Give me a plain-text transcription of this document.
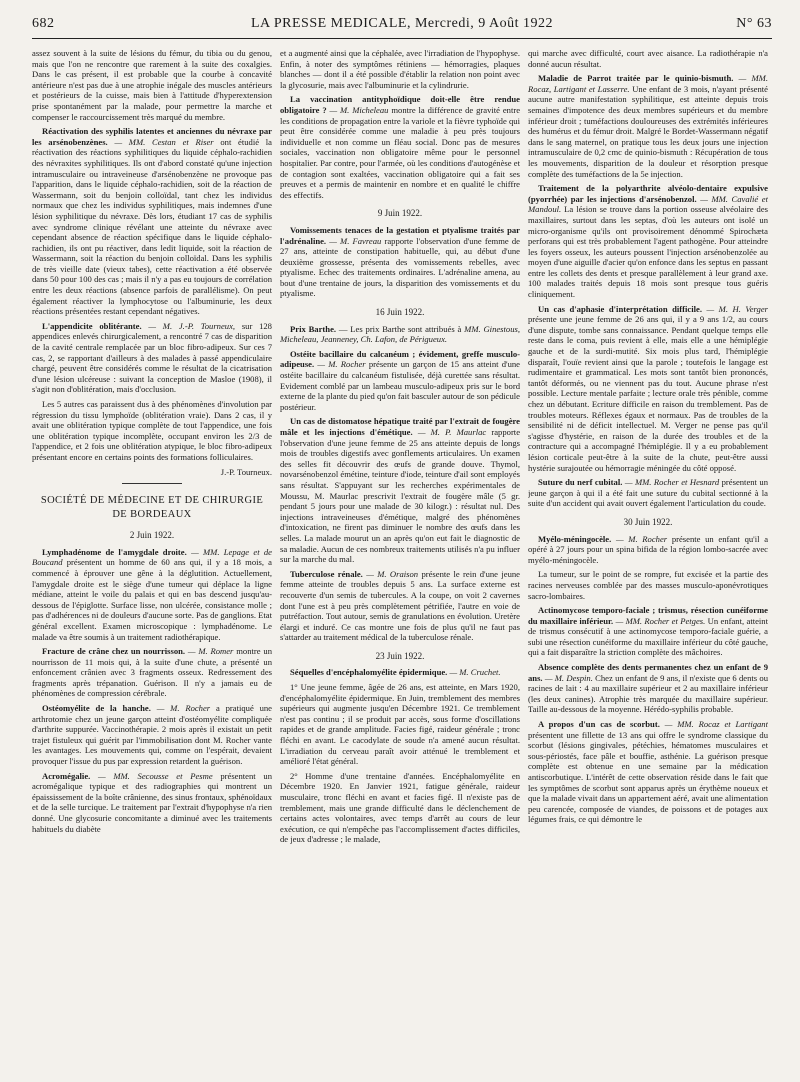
682	LA PRESSE MEDICALE, Mercredi, 9 Août 1922	N° 63

assez souvent à la suite de lésions du fémur, du tibia ou du genou, mais que l'on ne rencontre que rarement à la suite des coxalgies. Dans le cas présent, il est probable que la courbe à concavité antérieure n'est pas due à une atrophie inégale des muscles antérieurs et postérieurs de la cuisse, mais bien à l'attitude d'hyperextension prise spontanément par la malade, pour permettre la marche et compenser le raccourcissement très marqué du membre.

Réactivation des syphilis latentes et anciennes du névraxe par les arsénobenzènes. — MM. Cestan et Riser ont étudié la réactivation des réactions syphilitiques du liquide céphalo-rachidien des névraxites syphilitiques. Ils ont d'abord constaté qu'une injection intramusculaire ou intraveineuse d'arsénobenzène ne provoque pas l'apparition, dans le liquide céphalo-rachidien, soit de la réaction de Wassermann, soit du benjoin colloïdal, tant chez les individus normaux que chez les individus syphilitiques, mais indemnes d'une lésion syphilitique du névraxe. Dès lors, étudiant 17 cas de syphilis avec syndrome clinique révélant une atteinte du névraxe avec cependant absence de réaction spécifique dans le liquide céphalo-rachidien, ils ont pu réactiver, dans ledit liquide, soit la réaction de Wassermann, soit la réaction du benjoin colloïdal. Dans les syphilis de très vieille date (vieux tabes), cette réactivation a été observée dans 50 pour 100 des cas ; mais il n'y a pas eu toujours de corrélation entre les deux réactions (absence parfois de parallélisme). On peut également réactiver la lymphocytose ou l'albuminurie, les deux réactions présentées restant cependant négatives.

L'appendicite oblitérante. — M. J.-P. Tourneux, sur 128 appendices enlevés chirurgicalement, a rencontré 7 cas de disparition de la cavité centrale remplacée par un bloc fibro-adipeux. Sur ces 7 cas, 2, se rapportant d'ailleurs à des malades à passé appendiculaire chargé, peuvent être considérés comme le résultat de la cicatrisation d'une lésion ulcéreuse : suivant la conception de Masloe (1908), il s'agit non d'oblitération, mais d'occlusion.

Les 5 autres cas paraissent dus à des phénomènes d'involution par régression du tissu lymphoïde (oblitération vraie). Dans 2 cas, il y avait une oblitération typique complète de tout l'appendice, une fois une oblitération typique incomplète, occupant environ les 2/3 de l'appendice, et 2 fois une oblitération atypique, le bloc fibro-adipeux présentant encore en certains points des formations folliculaires.

J.-P. Tourneux.
SOCIÉTÉ DE MÉDECINE ET DE CHIRURGIE
DE BORDEAUX
2 Juin 1922.

Lymphadénome de l'amygdale droite. — MM. Lepage et de Boucand présentent un homme de 60 ans qui, il y a 18 mois, a commencé à éprouver une gêne à la déglutition. Actuellement, l'amygdale droite est le siège d'une tumeur qui déplace la ligne médiane, atteint le voile du palais et qui en bas descend jusqu'au-dessous de l'épiglotte. Surface lisse, non ulcérée, consistance molle ; pas d'adhérences ni de douleurs d'aucune sorte. Pas de ganglions. Etat général excellent. Examen microscopique : lymphadénome. Le malade va être soumis à un traitement radiothérapique.

Fracture de crâne chez un nourrisson. — M. Romer montre un nourrisson de 11 mois qui, à la suite d'une chute, a présenté un enfoncement crânien avec 3 fragments osseux. Redressement des fragments après trépanation. Guérison. Il n'y a jamais eu de phénomènes de compression cérébrale.

Ostéomyélite de la hanche. — M. Rocher a pratiqué une arthrotomie chez un jeune garçon atteint d'ostéomyélite compliquée d'arthrite suppurée. Vaccinothérapie. 2 mois après il existait un petit trajet fistuleux qui guérit par l'immobilisation dont M. Rocher vante les avantages. Les mouvements qui, comme on l'espérait, devaient provoquer l'issue du pus par expression retardent la guérison.

Acromégalie. — MM. Secousse et Pesme présentent un acromégalique typique et des radiographies qui montrent un épaississement de la boîte crânienne, des sinus frontaux, sphénoïdaux et de la selle turcique. Le traitement par l'extrait d'hypophyse n'a rien donné. Une glycosurie concomitante a diminué avec les traitements habituels du diabète

et a augmenté ainsi que la céphalée, avec l'irradiation de l'hypophyse. Enfin, à noter des symptômes rétiniens — hémorragies, plaques blanches — dont il a été possible d'établir la relation non point avec la glycosurie, mais avec l'albuminurie et la cylindrurie.

La vaccination antityphoïdique doit-elle être rendue obligatoire ? — M. Micheleau montre la différence de gravité entre les conditions de propagation entre la variole et la fièvre typhoïde qui peut être considérée comme une maladie à peu près toujours individuelle et non comme un fléau social. Donc pas de mesures sociales, vaccination non obligatoire même pour le personnel hospitalier. Par contre, pour l'armée, où les conditions d'autogénèse et de contagion sont exaltées, vaccination obligatoire qui a fait ses preuves et a permis de maintenir en nombre et en qualité le chiffre des effectifs.

9 Juin 1922.

Vomissements tenaces de la gestation et ptyalisme traités par l'adrénaline. — M. Favreau rapporte l'observation d'une femme de 27 ans, atteinte de constipation habituelle, qui, au début d'une deuxième grossesse, présenta des vomissements rebelles, avec ptyalisme. Echec des traitements ordinaires. L'adrénaline amena, au bout d'une trentaine de jours, la disparition des vomissements et du ptyalisme.

16 Juin 1922.

Prix Barthe. — Les prix Barthe sont attribués à MM. Ginestous, Micheleau, Jeanneney, Ch. Lafon, de Périgueux.

Ostéite bacillaire du calcanéum ; évidement, greffe musculo-adipeuse. — M. Rocher présente un garçon de 15 ans atteint d'une ostéite bacillaire du calcanéum fistulisée, déjà curettée sans résultat. Evidement comblé par un lambeau musculo-adipeux pris sur le bord externe de la plante du pied qu'on fait basculer autour de son pédicule postérieur.

Un cas de distomatose hépatique traité par l'extrait de fougère mâle et les injections d'émétique. — M. P. Maurlac rapporte l'observation d'une jeune femme de 25 ans atteinte depuis de longs mois de troubles digestifs avec gonflements articulaires. Un examen des selles fit découvrir des œufs de grande douve. Thymol, novarsénobenzol émétine, teinture d'iode, teinture d'ail sont employés sans résultat. S'appuyant sur les recherches expérimentales de Moussu, M. Maurlac prescrivit l'extrait de fougère mâle (5 gr. pendant 5 jours pour une malade de 30 kilogr.) : résultat nul. Des injections intraveineuses d'émétique, malgré des phénomènes d'intoxication, ne firent pas diminuer le nombre des œufs dans les selles. La malade mourut un an après qu'on eut fait le diagnostic de sa maladie. Aucun de ces nombreux traitements utilisés n'a pu influer sur la marche du mal.

Tuberculose rénale. — M. Oraison présente le rein d'une jeune femme atteinte de troubles depuis 5 ans. La surface externe est recouverte d'un semis de tubercules. A la coupe, on voit 2 cavernes dont l'une est à peu près complètement pétrifiée, l'autre en voie de putréfaction. Tout autour, semis de granulations en évolution. Uretère élargi et induré. Ce cas montre une fois de plus qu'il ne faut pas s'attarder au traitement médical de la tuberculose rénale.

23 Juin 1922.

Séquelles d'encéphalomyélite épidermique. — M. Cruchet.

1° Une jeune femme, âgée de 26 ans, est atteinte, en Mars 1920, d'encéphalomyélite épidermique. En Juin, tremblement des membres supérieurs qui augmente jusqu'en Décembre 1921. Ce tremblement n'est pas continu ; il se produit par accès, sous forme d'oscillations rapides et de grande amplitude. Facies figé, raideur générale ; tronc fléchi en avant. Le cacodylate de soude n'a amené aucun résultat. L'irradiation du cerveau paraît avoir atténué le tremblement et amélioré l'état général.

2° Homme d'une trentaine d'années. Encéphalomyélite en Décembre 1920. En Janvier 1921, fatigue générale, raideur musculaire, tronc fléchi en avant et facies figé. Il n'existe pas de tremblement, mais une grande difficulté dans le déclenchement de certains actes volontaires, avec temps d'arrêt au cours de leur exécution, ce qui n'empêche pas l'accomplissement d'actes difficiles, de jeux d'adresse ; le malade,

qui marche avec difficulté, court avec aisance. La radiothérapie n'a donné aucun résultat.

Maladie de Parrot traitée par le quinio-bismuth. — MM. Rocaz, Lartigant et Lasserre. Une enfant de 3 mois, n'ayant présenté aucune autre manifestation syphilitique, est atteinte depuis trois semaines d'impotence des deux membres supérieurs et du membre inférieur droit ; tuméfactions douloureuses des extrémités inférieures des humérus et du fémur droit. Malgré le Bordet-Wassermann négatif dans le sang maternel, on pratique tous les deux jours une injection intramusculaire de 0,2 cmc de quinio-bismuth : Récupération de tous les mouvements, disparition de la douleur et résorption presque complète des tuméfactions de la 5e injection.

Traitement de la polyarthrite alvéolo-dentaire expulsive (pyorrhée) par les injections d'arsénobenzol. — MM. Cavalié et Mandoul. La lésion se trouve dans la portion osseuse alvéolaire des maxillaires, surtout dans les septas, d'où les auteurs ont isolé un micro-organisme qu'ils ont provisoirement dénommé Spirochæta perforans qui est très probablement l'agent pathogène. Pour atteindre les foyers osseux, les auteurs poussent l'injection arsénobenzolée au moyen d'une aiguille d'acier qu'on enfonce dans les septus en passant entre les collets des dents et presque parallèlement à leur grand axe. 100 malades traités depuis 18 mois sont presque tous guéris cliniquement.

Un cas d'aphasie d'interprétation difficile. — M. H. Verger présente une jeune femme de 26 ans qui, il y a 9 ans 1/2, au cours d'une dispute, tombe sans connaissance. Pendant quelque temps elle reste dans le coma, puis revient à elle, mais elle a une hémiplégie gauche et de la surdi-mutité. Six mois plus tard, l'hémiplégie disparaît, l'ouïe revient ainsi que la parole ; toutefois le langage est rudimentaire et grammatical. Les mots sont tantôt bien prononcés, tantôt déformés, ou ne viennent pas du tout. Aucune phrase n'est possible. Lecture mentale parfaite ; lecture orale très pénible, comme chez un débutant. Ecriture difficile en raison du tremblement. Pas de troubles moteurs. Réflexes égaux et normaux. Pas de troubles de la sensibilité ni de déficit intellectuel. M. Verger ne pense pas qu'il s'agisse d'hystérie, en raison de la durée des troubles et de la contracture qui a accompagné l'hémiplégie. Il y a eu probablement lésion corticale peut-être à la suite de la chute, peut-être aussi hystérie surajoutée ou hémorragie méningée du côté opposé.

Suture du nerf cubital. — MM. Rocher et Hesnard présentent un jeune garçon à qui il a été fait une suture du cubital sectionné à la suite d'un accident qui avait ouvert également l'articulation du coude.

30 Juin 1922.

Myélo-méningocèle. — M. Rocher présente un enfant qu'il a opéré à 27 jours pour un spina bifida de la région lombo-sacrée avec myélo-méningocèle.

La tumeur, sur le point de se rompre, fut excisée et la partie des racines nerveuses comblée par des masses musculo-aponévrotiques sacro-lombaires.

Actinomycose temporo-faciale ; trismus, résection cunéiforme du maxillaire inférieur. — MM. Rocher et Petges. Un enfant, atteint de trismus consécutif à une actinomycose temporo-faciale guérie, a subi une résection cunéiforme du maxillaire inférieur du côté gauche, qui a fait disparaître la striction complète des mâchoires.

Absence complète des dents permanentes chez un enfant de 9 ans. — M. Despin. Chez un enfant de 9 ans, il n'existe que 6 dents ou racines de lait : 4 au maxillaire supérieur et 2 au maxillaire inférieur (les deux canines). Atrophie très marquée du maxillaire supérieur. Taille au-dessous de la moyenne. Hérédo-syphilis probable.

A propos d'un cas de scorbut. — MM. Rocaz et Lartigant présentent une fillette de 13 ans qui offre le syndrome classique du scorbut (lésions gingivales, pétéchies, hématomes musculaires et sous-périostés, face pâle et bouffie, asthénie. La guérison presque complète est obtenue en une semaine par la médication antiscorbutique. L'intérêt de cette observation réside dans le fait que les symptômes de scorbut sont apparus après un érythème noueux et que la malade vivait dans un appartement aéré, avait une alimentation peu carencée, composée de viandes, de poissons et de potages aux légumes frais, ce qui démontre le
